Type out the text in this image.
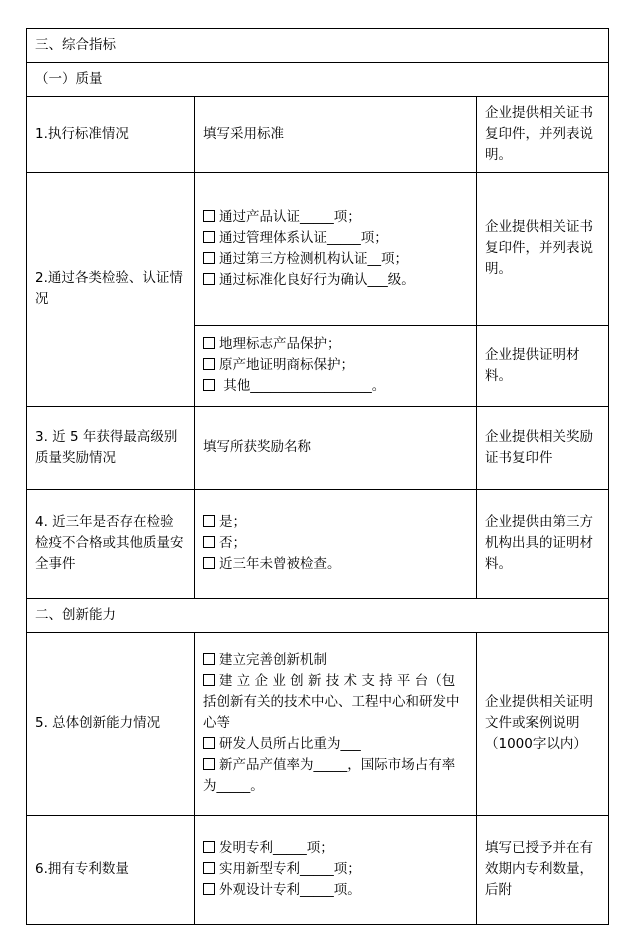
三、综合指标		
（一）质量		
1.执行标准情况	填写采用标准	企业提供相关证书复印件，并列表说明。
2.通过各类检验、认证情况	通过产品认证_____项；
通过管理体系认证_____项；
通过第三方检测机构认证__项；
通过标准化良好行为确认___级。	企业提供相关证书复印件，并列表说明。

	地理标志产品保护；
原产地证明商标保护；
其他__________________。	企业提供证明材料。
3. 近 5 年获得最高级别质量奖励情况	填写所获奖励名称	企业提供相关奖励证书复印件
4. 近三年是否存在检验检疫不合格或其他质量安全事件	是；
否；
近三年未曾被检查。	企业提供由第三方机构出具的证明材料。
二、创新能力		
5. 总体创新能力情况	建立完善创新机制
建 立 企 业 创 新 技 术 支 持 平 台（包括创新有关的技术中心、工程中心和研发中心等
研发人员所占比重为___
新产品产值率为_____，国际市场占有率为_____。	企业提供相关证明文件或案例说明（1000字以内）
6.拥有专利数量	发明专利_____项；
实用新型专利_____项；
外观设计专利_____项。	填写已授予并在有效期内专利数量，后附
